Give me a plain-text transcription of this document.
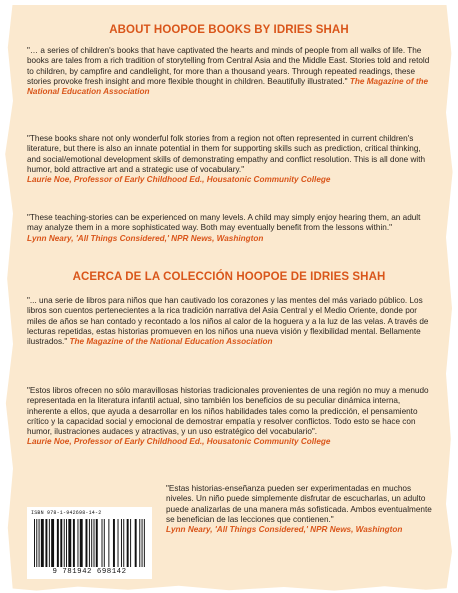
ABOUT HOOPOE BOOKS BY IDRIES SHAH

"… a series of children's books that have captivated the hearts and minds of people from all walks of life. The books are tales from a rich tradition of storytelling from Central Asia and the Middle East. Stories told and retold to children, by campfire and candlelight, for more than a thousand years. Through repeated readings, these stories provoke fresh insight and more flexible thought in children. Beautifully illustrated." The Magazine of the National Education Association

"These books share not only wonderful folk stories from a region not often represented in current children's literature, but there is also an innate potential in them for supporting skills such as prediction, critical thinking, and social/emotional development skills of demonstrating empathy and conflict resolution. This is all done with humor, bold attractive art and a strategic use of vocabulary."
Laurie Noe, Professor of Early Childhood Ed., Housatonic Community College

"These teaching-stories can be experienced on many levels. A child may simply enjoy hearing them, an adult may analyze them in a more sophisticated way. Both may eventually benefit from the lessons within."
Lynn Neary, 'All Things Considered,' NPR News, Washington

ACERCA DE LA COLECCIÓN HOOPOE DE IDRIES SHAH

"... una serie de libros para niños que han cautivado los corazones y las mentes del más variado público. Los libros son cuentos pertenecientes a la rica tradición narrativa del Asia Central y el Medio Oriente, donde por miles de años se han contado y recontado a los niños al calor de la hoguera y a la luz de las velas. A través de lecturas repetidas, estas historias promueven en los niños una nueva visión y flexibilidad mental. Bellamente ilustrados." The Magazine of the National Education Association

"Estos libros ofrecen no sólo maravillosas historias tradicionales provenientes de una región no muy a menudo representada en la literatura infantil actual, sino también los beneficios de su peculiar dinámica interna, inherente a ellos, que ayuda a desarrollar en los niños habilidades tales como la predicción, el pensamiento crítico y la capacidad social y emocional de demostrar empatía y resolver conflictos. Todo esto se hace con humor, ilustraciones audaces y atractivas, y un uso estratégico del vocabulario".
Laurie Noe, Professor of Early Childhood Ed., Housatonic Community College

"Estas historias-enseñanza pueden ser experimentadas en muchos niveles. Un niño puede simplemente disfrutar de escucharlas, un adulto puede analizarlas de una manera más sofisticada. Ambos eventualmente se benefician de las lecciones que contienen."
Lynn Neary, 'All Things Considered,' NPR News, Washington

ISBN 978-1-942698-14-2
9 781942 698142
